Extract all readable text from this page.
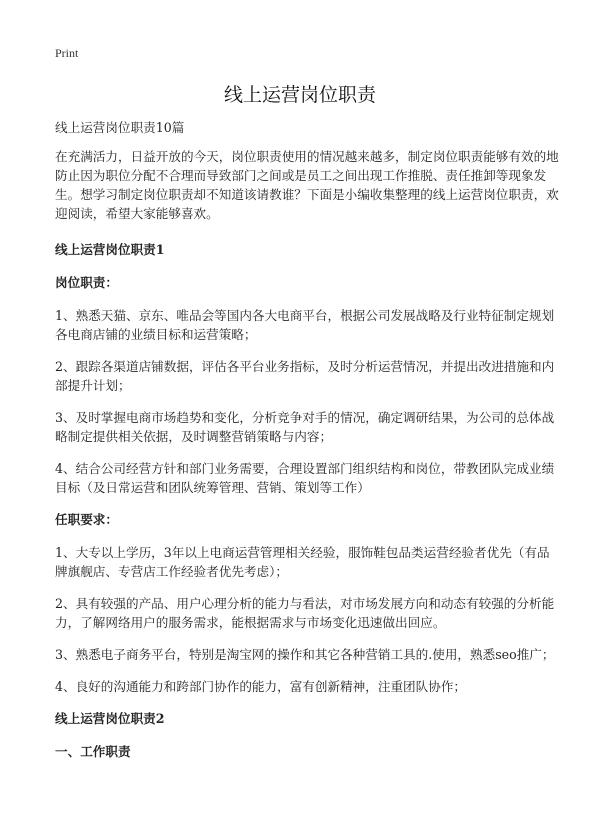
Print
线上运营岗位职责

线上运营岗位职责10篇

在充满活力，日益开放的今天，岗位职责使用的情况越来越多，制定岗位职责能够有效的地防止因为职位分配不合理而导致部门之间或是员工之间出现工作推脱、责任推卸等现象发生。想学习制定岗位职责却不知道该请教谁？下面是小编收集整理的线上运营岗位职责，欢迎阅读，希望大家能够喜欢。

线上运营岗位职责1

岗位职责：

1、熟悉天猫、京东、唯品会等国内各大电商平台，根据公司发展战略及行业特征制定规划各电商店铺的业绩目标和运营策略；

2、跟踪各渠道店铺数据，评估各平台业务指标，及时分析运营情况，并提出改进措施和内部提升计划；

3、及时掌握电商市场趋势和变化，分析竞争对手的情况，确定调研结果，为公司的总体战略制定提供相关依据，及时调整营销策略与内容；

4、结合公司经营方针和部门业务需要，合理设置部门组织结构和岗位，带教团队完成业绩目标（及日常运营和团队统筹管理、营销、策划等工作）

任职要求：

1、大专以上学历，3年以上电商运营管理相关经验，服饰鞋包品类运营经验者优先（有品牌旗舰店、专营店工作经验者优先考虑）；

2、具有较强的产品、用户心理分析的能力与看法，对市场发展方向和动态有较强的分析能力，了解网络用户的服务需求，能根据需求与市场变化迅速做出回应。

3、熟悉电子商务平台，特别是淘宝网的操作和其它各种营销工具的.使用，熟悉seo推广；

4、良好的沟通能力和跨部门协作的能力，富有创新精神，注重团队协作；

线上运营岗位职责2

一、工作职责
